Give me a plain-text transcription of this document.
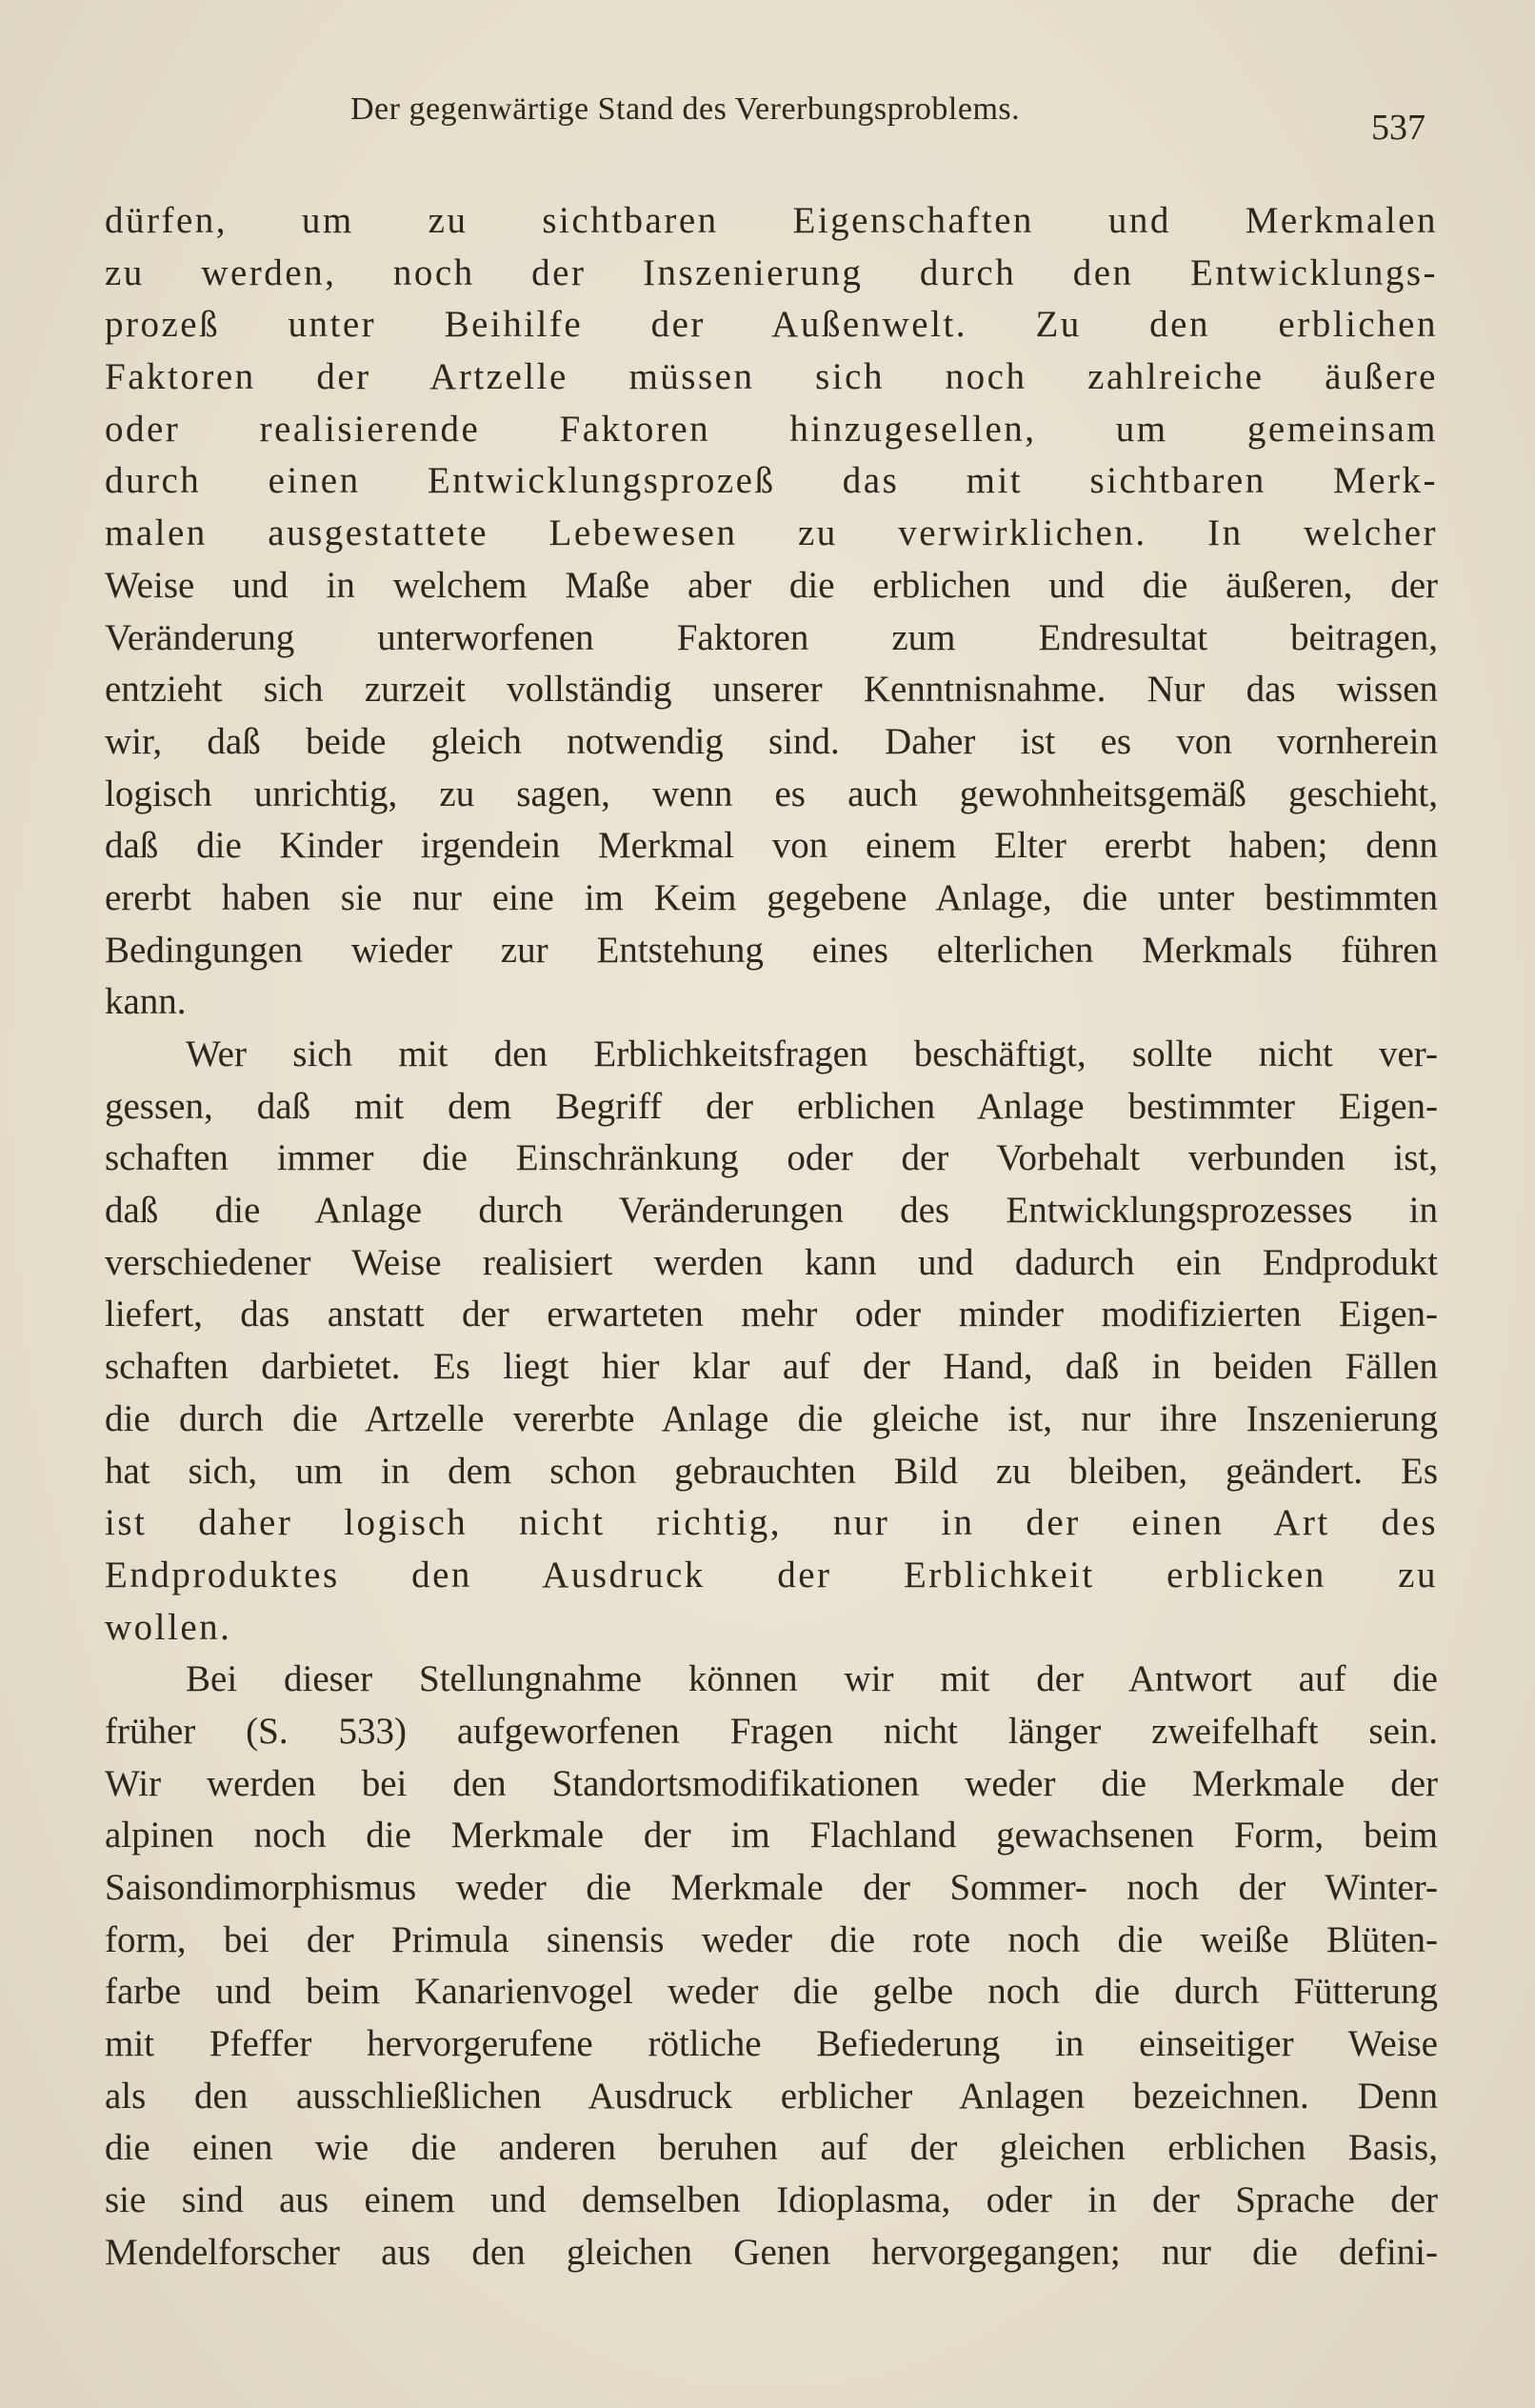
Der gegenwärtige Stand des Vererbungsproblems.	537
dürfen, um zu sichtbaren Eigenschaften und Merkmalen
zu werden, noch der Inszenierung durch den Entwicklungs-
prozeß unter Beihilfe der Außenwelt. Zu den erblichen
Faktoren der Artzelle müssen sich noch zahlreiche äußere
oder realisierende Faktoren hinzugesellen, um gemeinsam
durch einen Entwicklungsprozeß das mit sichtbaren Merk-
malen ausgestattete Lebewesen zu verwirklichen. In welcher
Weise und in welchem Maße aber die erblichen und die äußeren, der
Veränderung unterworfenen Faktoren zum Endresultat beitragen,
entzieht sich zurzeit vollständig unserer Kenntnisnahme. Nur das wissen
wir, daß beide gleich notwendig sind. Daher ist es von vornherein
logisch unrichtig, zu sagen, wenn es auch gewohnheitsgemäß geschieht,
daß die Kinder irgendein Merkmal von einem Elter ererbt haben; denn
ererbt haben sie nur eine im Keim gegebene Anlage, die unter bestimmten
Bedingungen wieder zur Entstehung eines elterlichen Merkmals führen
kann.
Wer sich mit den Erblichkeitsfragen beschäftigt, sollte nicht ver-
gessen, daß mit dem Begriff der erblichen Anlage bestimmter Eigen-
schaften immer die Einschränkung oder der Vorbehalt verbunden ist,
daß die Anlage durch Veränderungen des Entwicklungsprozesses in
verschiedener Weise realisiert werden kann und dadurch ein Endprodukt
liefert, das anstatt der erwarteten mehr oder minder modifizierten Eigen-
schaften darbietet. Es liegt hier klar auf der Hand, daß in beiden Fällen
die durch die Artzelle vererbte Anlage die gleiche ist, nur ihre Inszenierung
hat sich, um in dem schon gebrauchten Bild zu bleiben, geändert. Es
ist daher logisch nicht richtig, nur in der einen Art des
Endproduktes den Ausdruck der Erblichkeit erblicken zu
wollen.
Bei dieser Stellungnahme können wir mit der Antwort auf die
früher (S. 533) aufgeworfenen Fragen nicht länger zweifelhaft sein.
Wir werden bei den Standortsmodifikationen weder die Merkmale der
alpinen noch die Merkmale der im Flachland gewachsenen Form, beim
Saisondimorphismus weder die Merkmale der Sommer- noch der Winter-
form, bei der Primula sinensis weder die rote noch die weiße Blüten-
farbe und beim Kanarienvogel weder die gelbe noch die durch Fütterung
mit Pfeffer hervorgerufene rötliche Befiederung in einseitiger Weise
als den ausschließlichen Ausdruck erblicher Anlagen bezeichnen. Denn
die einen wie die anderen beruhen auf der gleichen erblichen Basis,
sie sind aus einem und demselben Idioplasma, oder in der Sprache der
Mendelforscher aus den gleichen Genen hervorgegangen; nur die defini-
